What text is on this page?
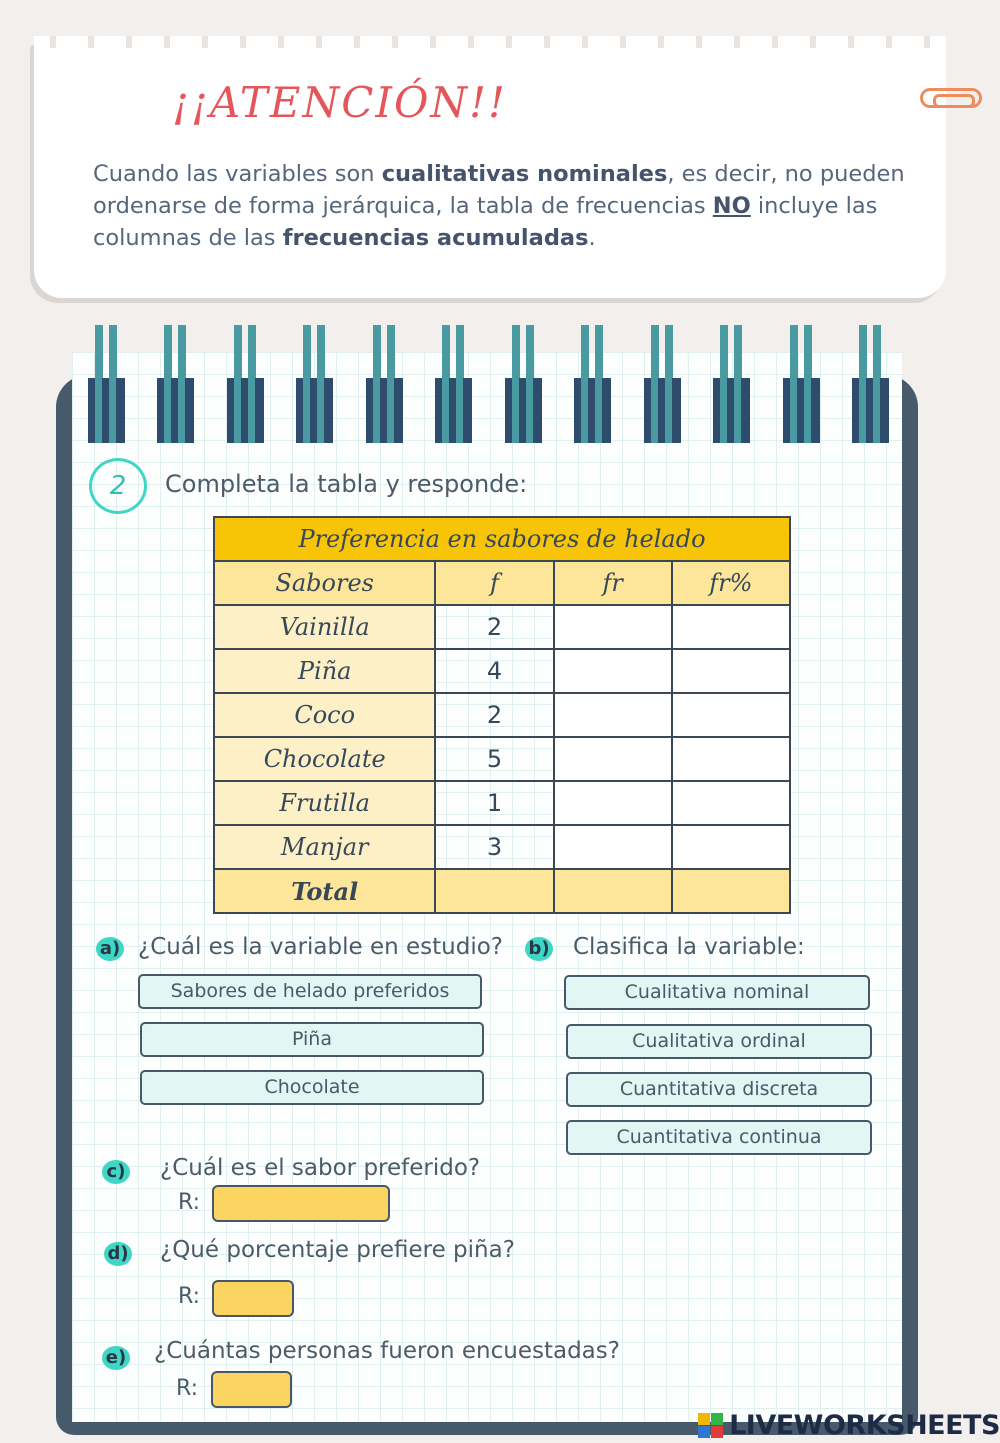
¡¡ATENCIÓN!!

Cuando las variables son cualitativas nominales, es decir, no pueden ordenarse de forma jerárquica, la tabla de frecuencias NO incluye las columnas de las frecuencias acumuladas.

2	Completa la tabla y responde:
Preferencia en sabores de helado			
Sabores	f	fr	fr%
Vainilla	2		
Piña	4		
Coco	2		
Chocolate	5		
Frutilla	1		
Manjar	3		
Total			
a) ¿Cuál es la variable en estudio?
Sabores de helado preferidos
Piña
Chocolate
b) Clasifica la variable:
Cualitativa nominal
Cualitativa ordinal
Cuantitativa discreta
Cuantitativa continua
c) ¿Cuál es el sabor preferido?
R:
d) ¿Qué porcentaje prefiere piña?
R:
e) ¿Cuántas personas fueron encuestadas?
R:
LIVEWORKSHEETS
